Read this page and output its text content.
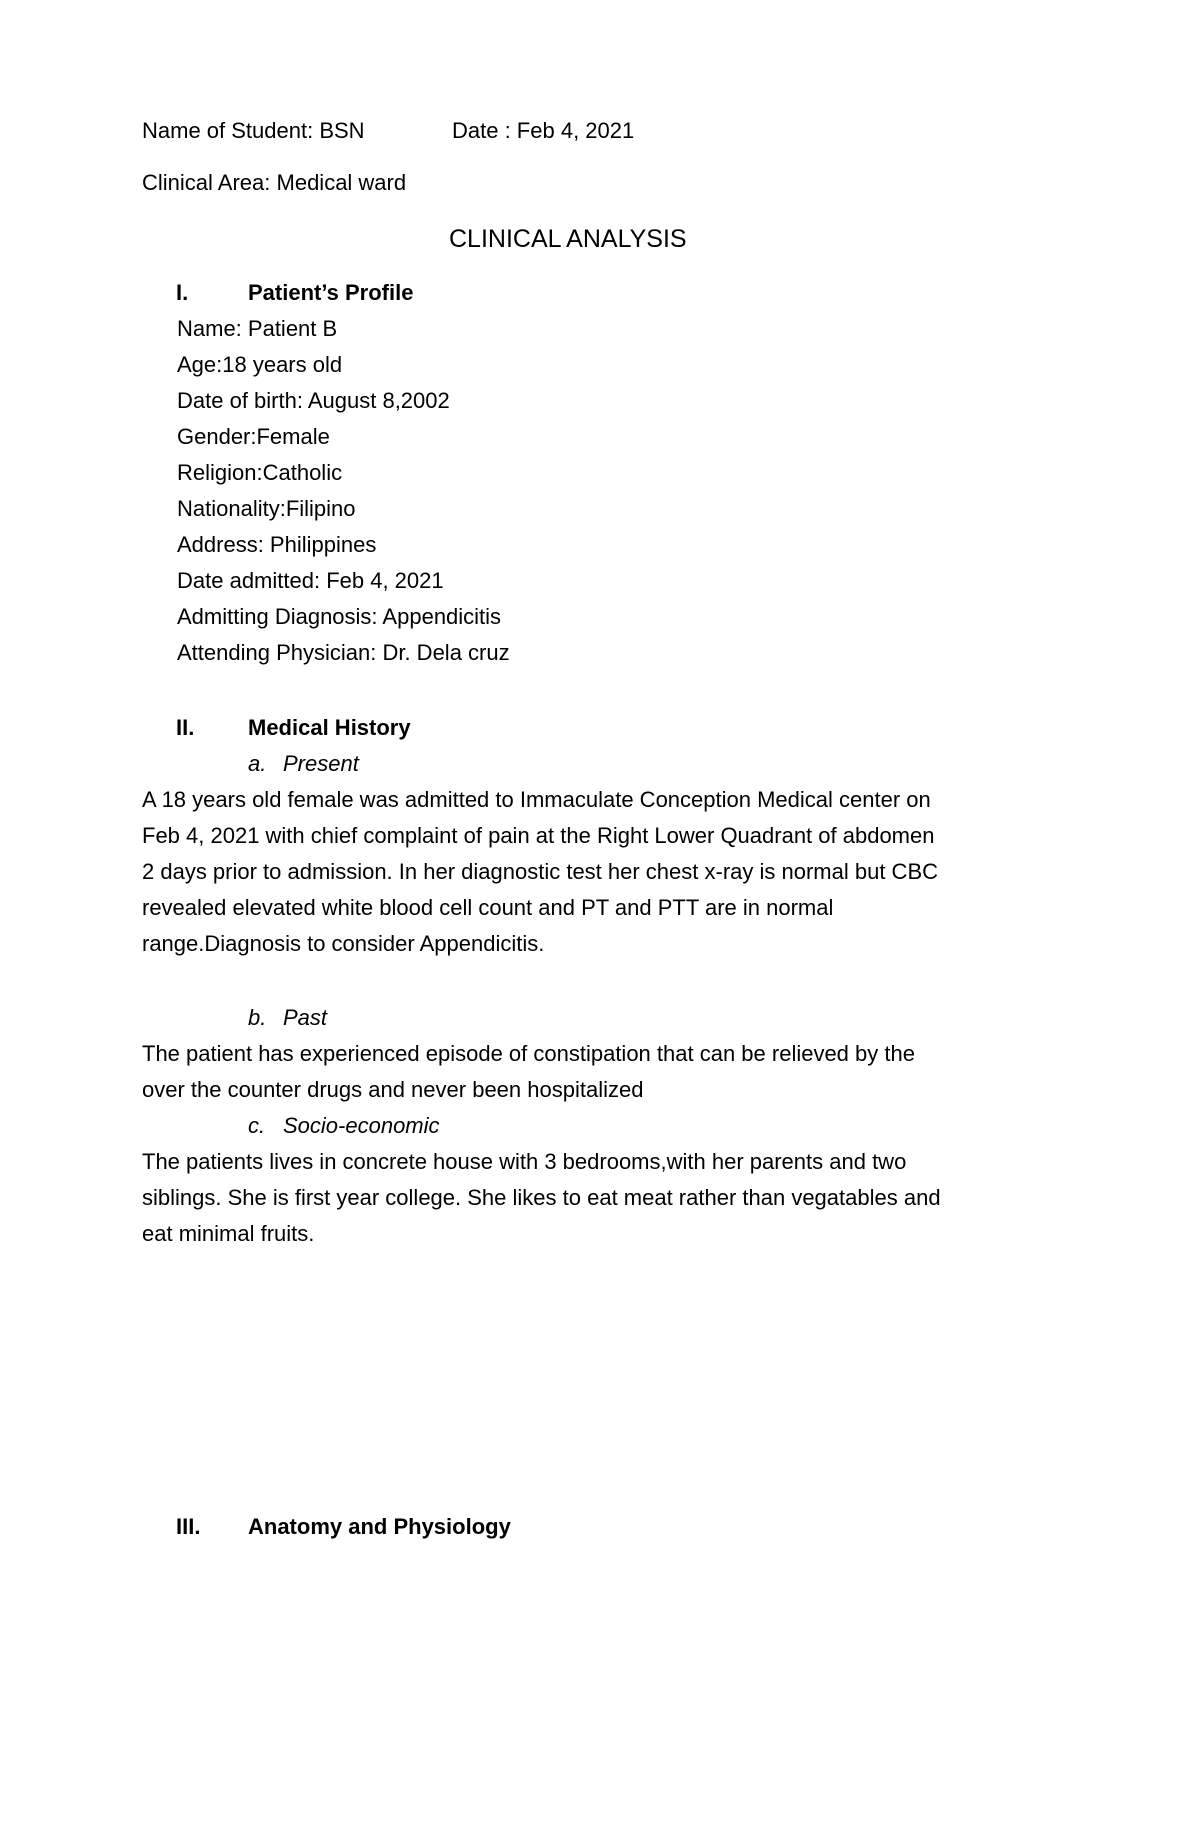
Name of Student: BSN	Date : Feb 4, 2021
Clinical Area: Medical ward
CLINICAL ANALYSIS
I.	Patient’s Profile
Name: Patient B
Age:18 years old
Date of birth: August 8,2002
Gender:Female
Religion:Catholic
Nationality:Filipino
Address: Philippines
Date admitted: Feb 4, 2021
Admitting Diagnosis: Appendicitis
Attending Physician: Dr. Dela cruz
II. Medical History
a. Present
A 18 years old female was admitted to Immaculate Conception Medical center on
Feb 4, 2021 with chief complaint of pain at the Right Lower Quadrant of abdomen
2 days prior to admission. In her diagnostic test her chest x-ray is normal but CBC
revealed elevated white blood cell count and PT and PTT are in normal
range.Diagnosis to consider Appendicitis.
b. Past
The patient has experienced episode of constipation that can be relieved by the
over the counter drugs and never been hospitalized
c. Socio-economic
The patients lives in concrete house with 3 bedrooms,with her parents and two
siblings. She is first year college. She likes to eat meat rather than vegatables and
eat minimal fruits.
III. Anatomy and Physiology
